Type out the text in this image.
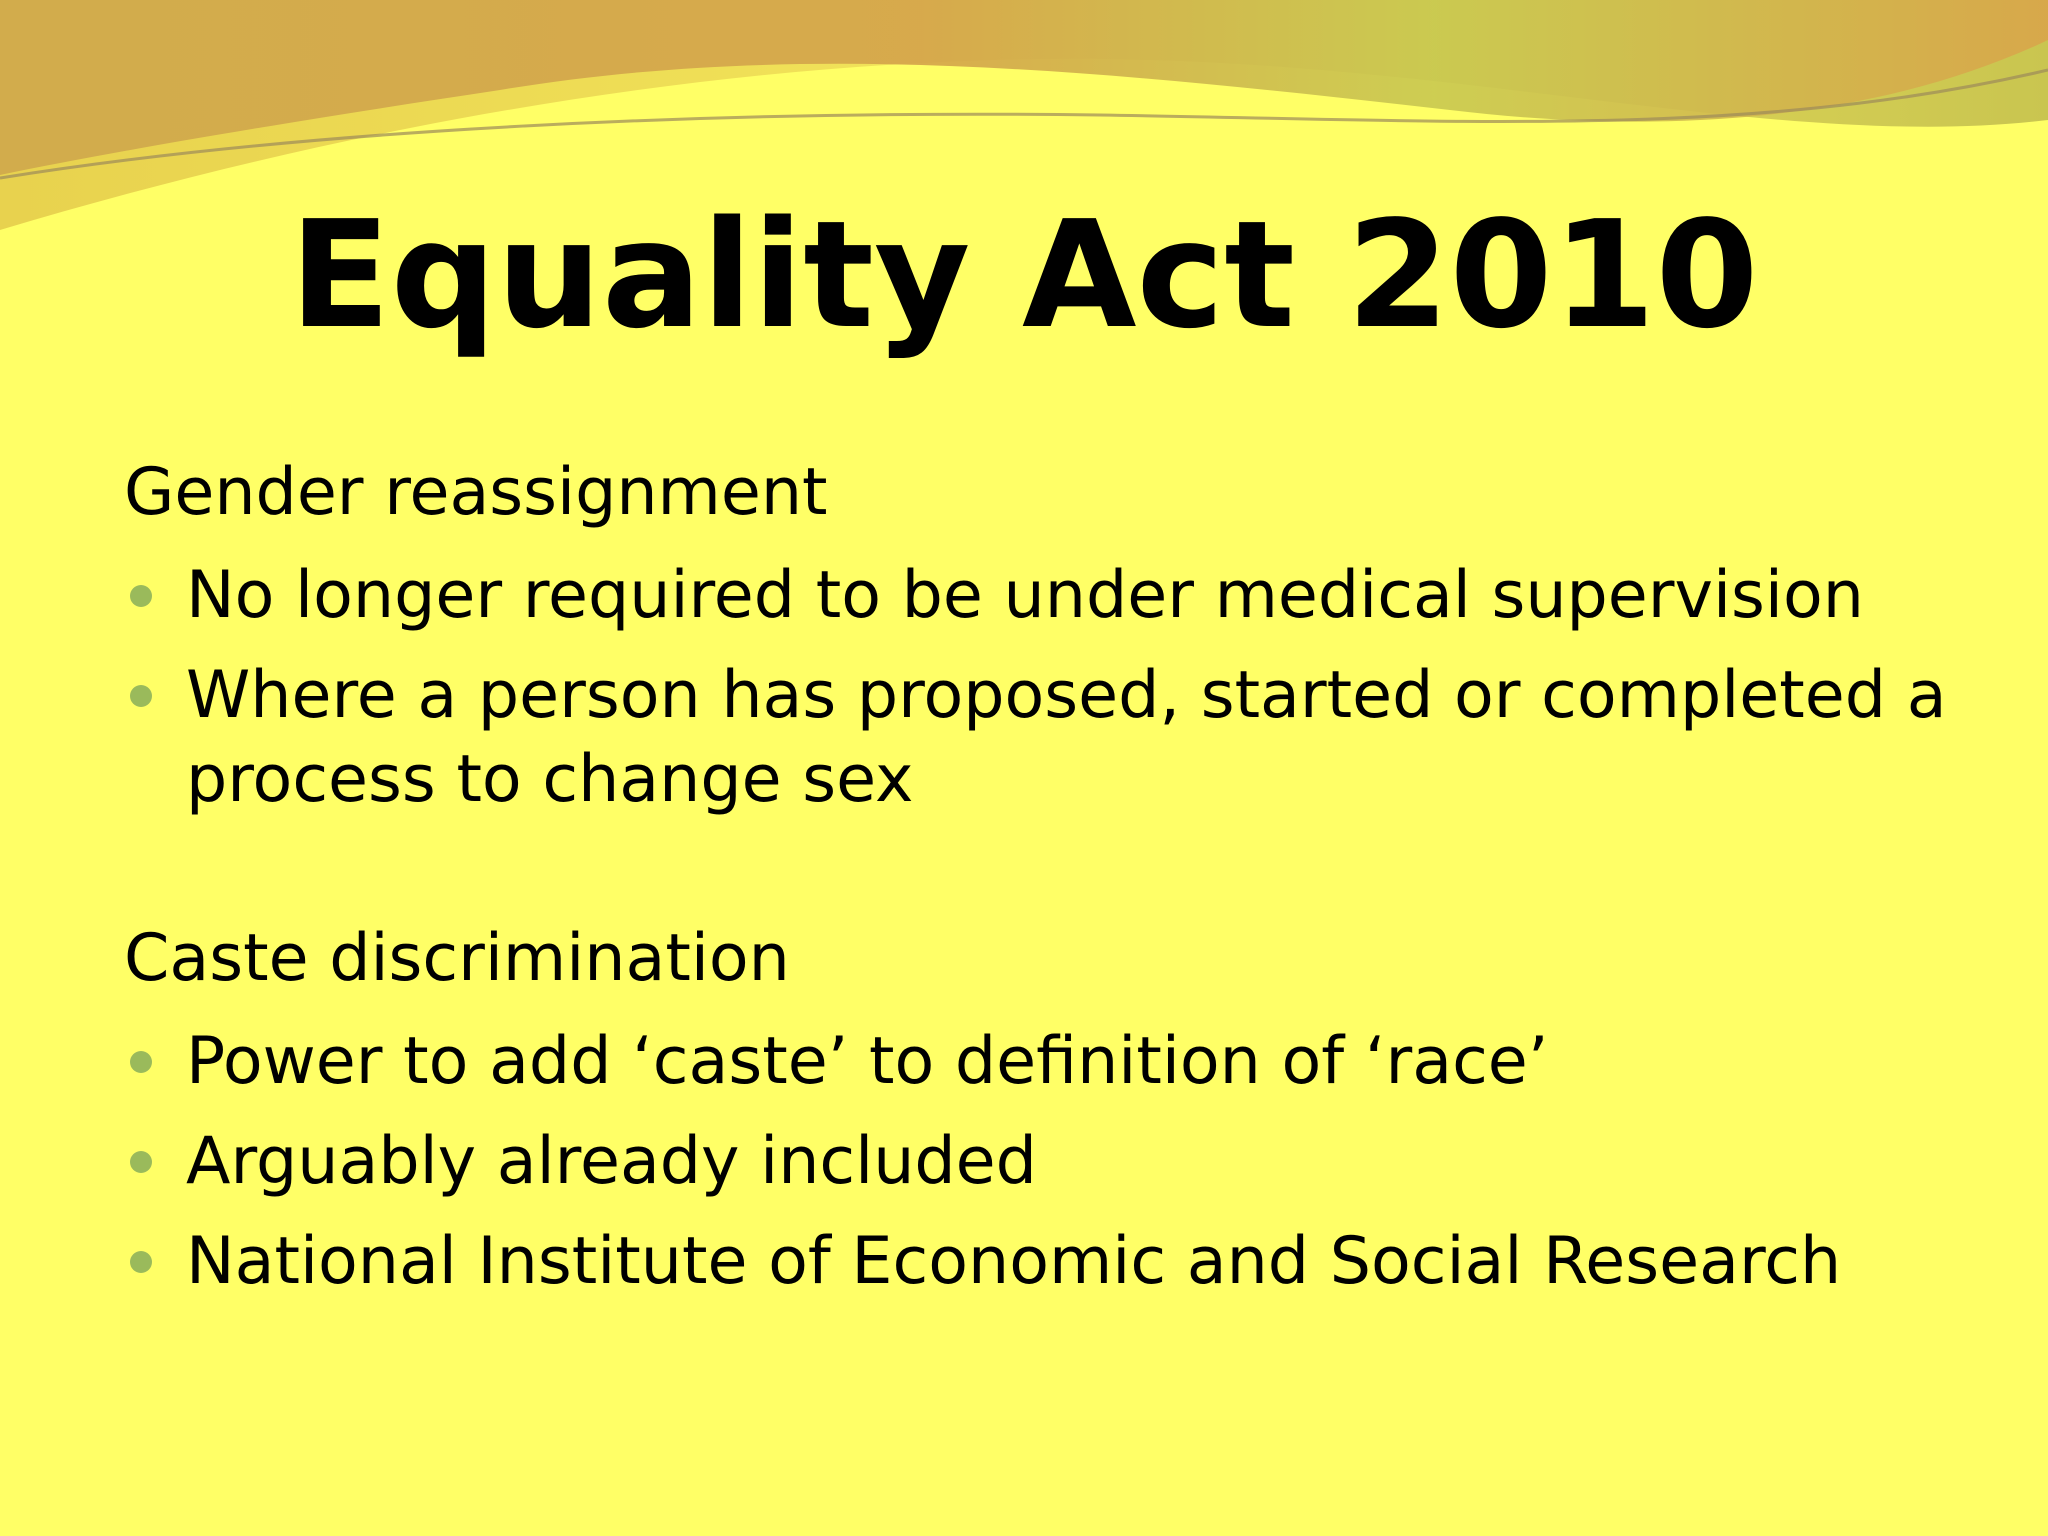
Equality Act 2010

Gender reassignment

No longer required to be under medical supervision
Where a person has proposed, started or completed a process to change sex

Caste discrimination

Power to add ‘caste’ to definition of ‘race’
Arguably already included
National Institute of Economic and Social Research
